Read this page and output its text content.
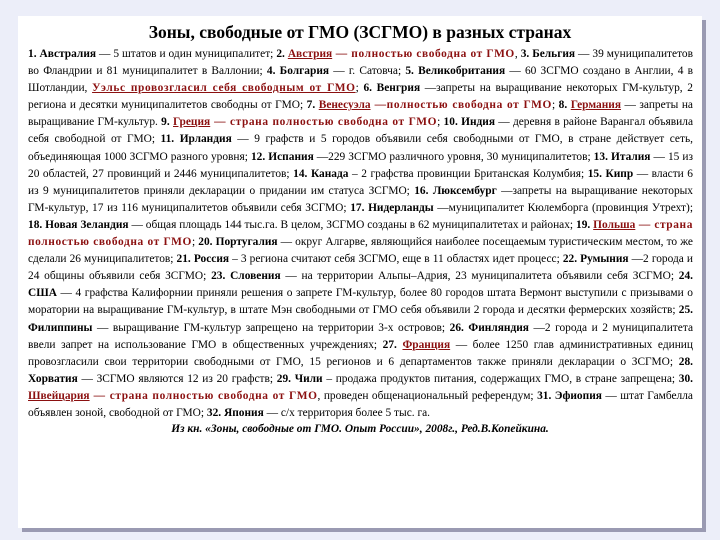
Зоны, свободные от ГМО (ЗСГМО) в разных странах
1. Австралия — 5 штатов и один муниципалитет; 2. Австрия — полностью свободна от ГМО, 3. Бельгия — 39 муниципалитетов во Фландрии и 81 муниципалитет в Валлонии; 4. Болгария — г. Сатовча; 5. Великобритания — 60 ЗСГМО создано в Англии, 4 в Шотландии, Уэльс провозгласил себя свободным от ГМО; 6. Венгрия —запреты на выращивание некоторых ГМ-культур, 2 региона и десятки муниципалитетов свободны от ГМО; 7. Венесуэла —полностью свободна от ГМО; 8. Германия — запреты на выращивание ГМ-культур. 9. Греция — страна полностью свободна от ГМО; 10. Индия — деревня в районе Варангал объявила себя свободной от ГМО; 11. Ирландия — 9 графств и 5 городов объявили себя свободными от ГМО, в стране действует сеть, объединяющая 1000 ЗСГМО разного уровня; 12. Испания —229 ЗСГМО различного уровня, 30 муниципалитетов; 13. Италия — 15 из 20 областей, 27 провинций и 2446 муниципалитетов; 14. Канада – 2 графства провинции Британская Колумбия; 15. Кипр — власти 6 из 9 муниципалитетов приняли декларации о придании им статуса ЗСГМО; 16. Люксембург —запреты на выращивание некоторых ГМ-культур, 17 из 116 муниципалитетов объявили себя ЗСГМО; 17. Нидерланды —муниципалитет Кюлемборга (провинция Утрехт); 18. Новая Зеландия — общая площадь 144 тыс.га. В целом, ЗСГМО созданы в 62 муниципалитетах и районах; 19. Польша — страна полностью свободна от ГМО; 20. Португалия — округ Алгарве, являющийся наиболее посещаемым туристическим местом, то же сделали 26 муниципалитетов; 21. Россия – 3 региона считают себя ЗСГМО, еще в 11 областях идет процесс; 22. Румыния —2 города и 24 общины объявили себя ЗСГМО; 23. Словения — на территории Альпы–Адрия, 23 муниципалитета объявили себя ЗСГМО; 24. США — 4 графства Калифорнии приняли решения о запрете ГМ-культур, более 80 городов штата Вермонт выступили с призывами о моратории на выращивание ГМ-культур, в штате Мэн свободными от ГМО себя объявили 2 города и десятки фермерских хозяйств; 25. Филиппины — выращивание ГМ-культур запрещено на территории 3-х островов; 26. Финляндия —2 города и 2 муниципалитета ввели запрет на использование ГМО в общественных учреждениях; 27. Франция — более 1250 глав административных единиц провозгласили свои территории свободными от ГМО, 15 регионов и 6 департаментов также приняли декларации о ЗСГМО; 28. Хорватия — ЗСГМО являются 12 из 20 графств; 29. Чили – продажа продуктов питания, содержащих ГМО, в стране запрещена; 30. Швейцария — страна полностью свободна от ГМО, проведен общенациональный референдум; 31. Эфиопия — штат Гамбелла объявлен зоной, свободной от ГМО; 32. Япония — с/х территория более 5 тыс. га.
Из кн. «Зоны, свободные от ГМО. Опыт России», 2008г., Ред.В.Копейкина.
